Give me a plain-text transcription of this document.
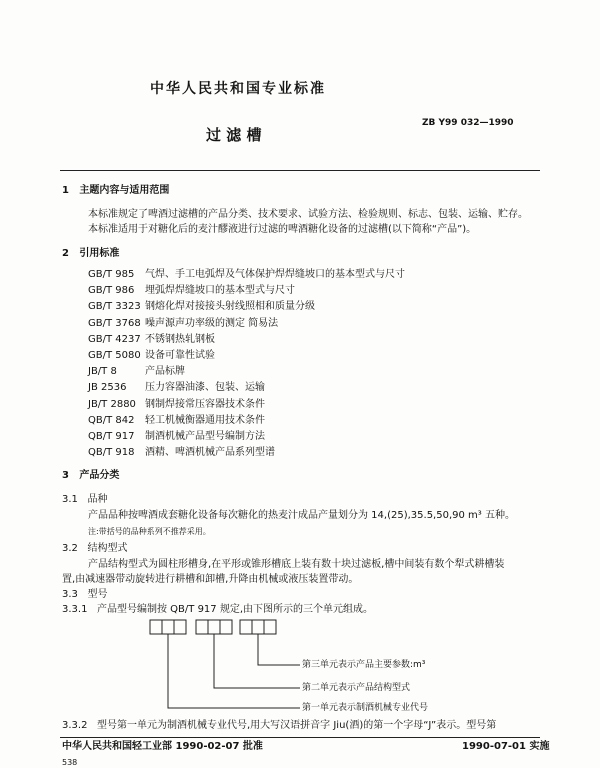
中华人民共和国专业标准
ZB Y99 032—1990
过 滤 槽
1 主题内容与适用范围
本标准规定了啤酒过滤槽的产品分类、技术要求、试验方法、检验规则、标志、包装、运输、贮存。
本标准适用于对糖化后的麦汁醪液进行过滤的啤酒糖化设备的过滤槽(以下简称“产品”)。
2 引用标准
GB/T 985 气焊、手工电弧焊及气体保护焊焊缝坡口的基本型式与尺寸
GB/T 986 埋弧焊焊缝坡口的基本型式与尺寸
GB/T 3323 钢熔化焊对接接头射线照相和质量分级
GB/T 3768 噪声源声功率级的测定 简易法
GB/T 4237 不锈钢热轧钢板
GB/T 5080 设备可靠性试验
JB/T 8	产品标牌
JB 2536 压力容器油漆、包装、运输
JB/T 2880 钢制焊接常压容器技术条件
QB/T 842 轻工机械衡器通用技术条件
QB/T 917 制酒机械产品型号编制方法
QB/T 918 酒精、啤酒机械产品系列型谱
3 产品分类
3.1 品种
产品品种按啤酒成套糖化设备每次糖化的热麦汁成品产量划分为 14,(25),35.5,50,90 m³ 五种。
注:带括号的品种系列不推荐采用。
3.2 结构型式
产品结构型式为圆柱形槽身,在平形或锥形槽底上装有数十块过滤板,槽中间装有数个犁式耕槽装
置,由减速器带动旋转进行耕槽和卸槽,升降由机械或液压装置带动。
3.3 型号
3.3.1 产品型号编制按 QB/T 917 规定,由下图所示的三个单元组成。
第三单元表示产品主要参数:m³
第二单元表示产品结构型式
第一单元表示制酒机械专业代号
3.3.2 型号第一单元为制酒机械专业代号,用大写汉语拼音字 Jiu(酒)的第一个字母“J”表示。型号第
中华人民共和国轻工业部 1990-02-07 批准	1990-07-01 实施
538
